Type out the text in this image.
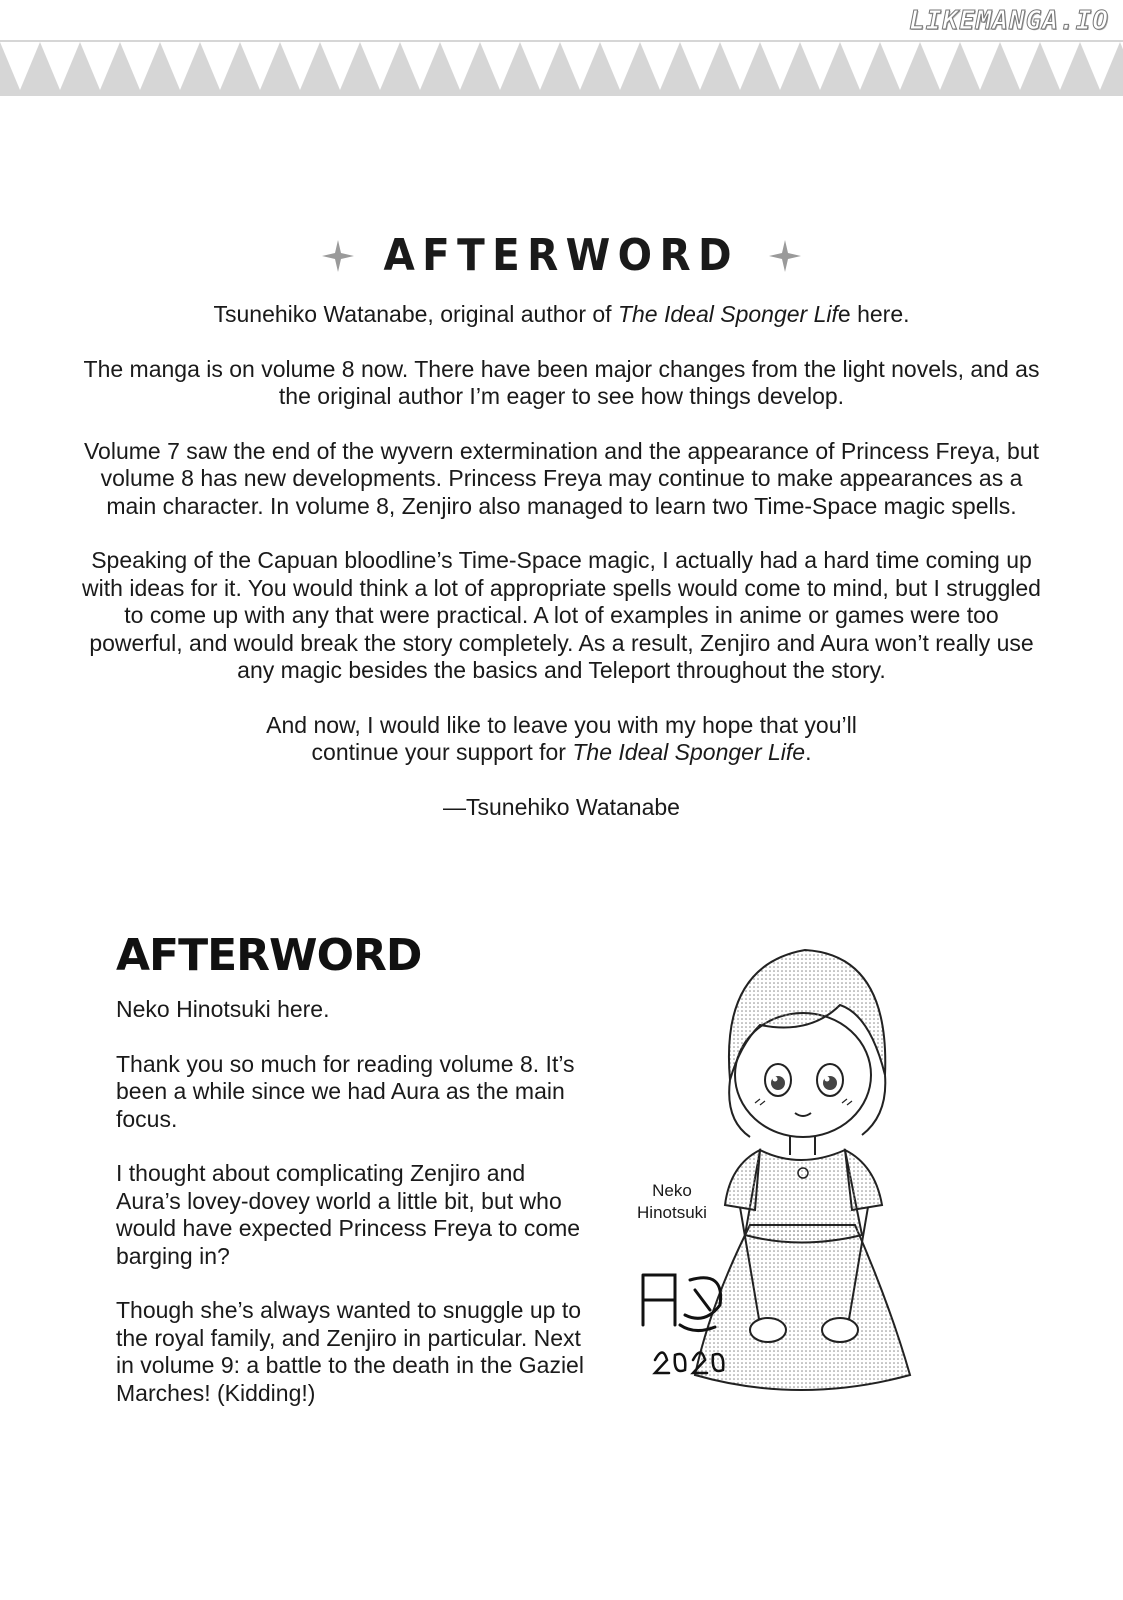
LIKEMANGA.IO
AFTERWORD

Tsunehiko Watanabe, original author of The Ideal Sponger Life here.

The manga is on volume 8 now. There have been major changes from the light novels, and as the original author I’m eager to see how things develop.

Volume 7 saw the end of the wyvern extermination and the appearance of Princess Freya, but volume 8 has new developments. Princess Freya may continue to make appearances as a main character. In volume 8, Zenjiro also managed to learn two Time-Space magic spells.

Speaking of the Capuan bloodline’s Time-Space magic, I actually had a hard time coming up with ideas for it. You would think a lot of appropriate spells would come to mind, but I struggled to come up with any that were practical. A lot of examples in anime or games were too powerful, and would break the story completely. As a result, Zenjiro and Aura won’t really use any magic besides the basics and Teleport throughout the story.

And now, I would like to leave you with my hope that you’ll
continue your support for The Ideal Sponger Life.

—Tsunehiko Watanabe

AFTERWORD

Neko Hinotsuki here.

Thank you so much for reading volume 8. It’s been a while since we had Aura as the main focus.

I thought about complicating Zenjiro and Aura’s lovey-dovey world a little bit, but who would have expected Princess Freya to come barging in?

Though she’s always wanted to snuggle up to the royal family, and Zenjiro in particular. Next in volume 9: a battle to the death in the Gaziel Marches! (Kidding!)

Neko
Hinotsuki
